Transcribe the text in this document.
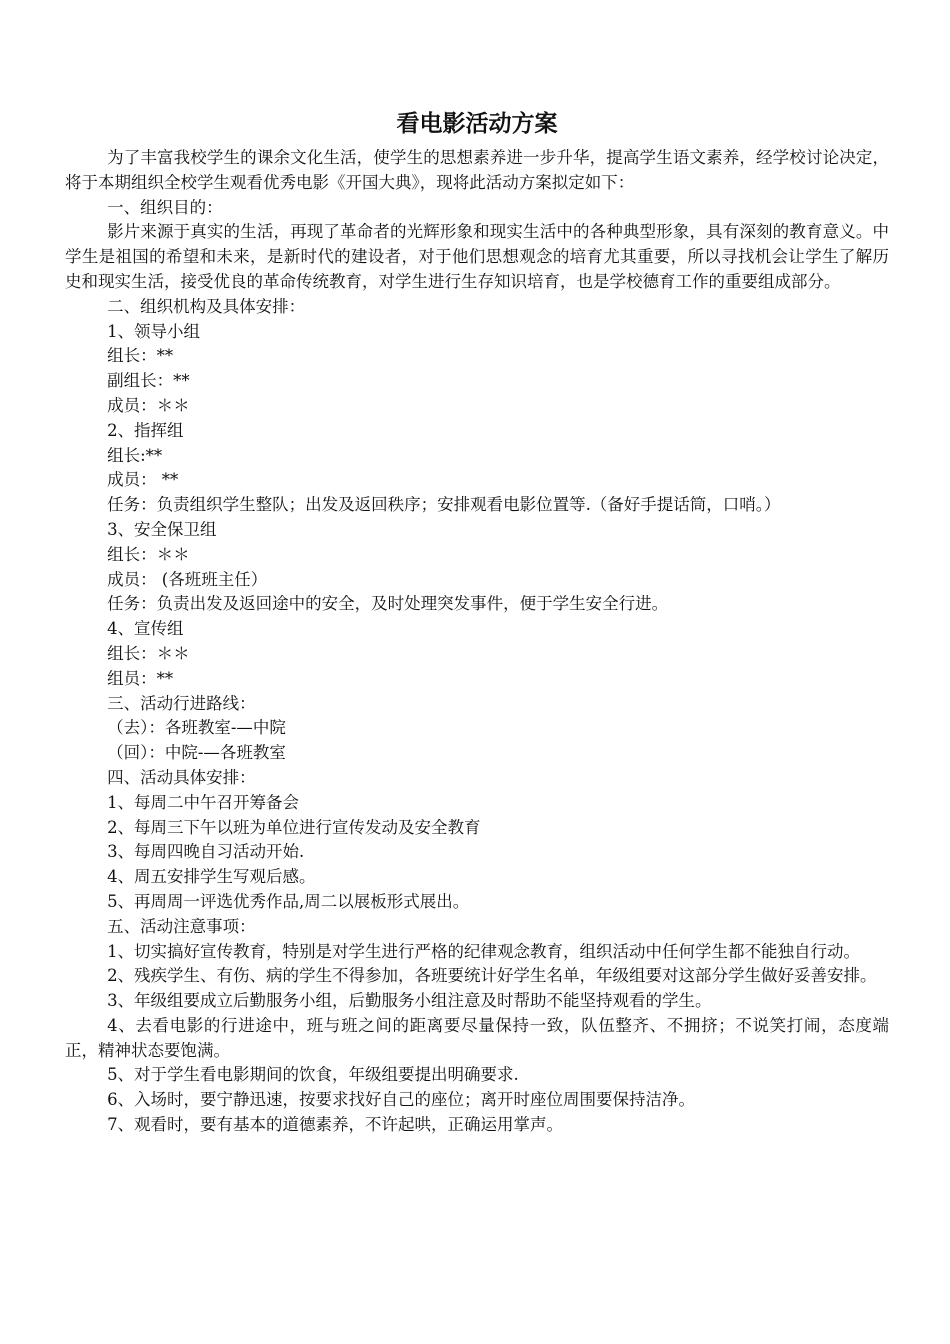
看电影活动方案

为了丰富我校学生的课余文化生活，使学生的思想素养进一步升华，提高学生语文素养，经学校讨论决定，将于本期组织全校学生观看优秀电影《开国大典》，现将此活动方案拟定如下：

一、组织目的：

影片来源于真实的生活，再现了革命者的光辉形象和现实生活中的各种典型形象，具有深刻的教育意义。中学生是祖国的希望和未来，是新时代的建设者，对于他们思想观念的培育尤其重要，所以寻找机会让学生了解历史和现实生活，接受优良的革命传统教育，对学生进行生存知识培育，也是学校德育工作的重要组成部分。

二、组织机构及具体安排：

1、领导小组

组长：**

副组长：**

成员：＊＊

2、指挥组

组长:**

成员： **

任务：负责组织学生整队；出发及返回秩序；安排观看电影位置等.（备好手提话筒，口哨。）

3、安全保卫组

组长：＊＊

成员： (各班班主任）

任务：负责出发及返回途中的安全，及时处理突发事件，便于学生安全行进。

4、宣传组

组长：＊＊

组员：**

三、活动行进路线：

（去）：各班教室-—中院

（回）：中院-—各班教室

四、活动具体安排：

1、每周二中午召开筹备会

2、每周三下午以班为单位进行宣传发动及安全教育

3、每周四晚自习活动开始.

4、周五安排学生写观后感。

5、再周周一评选优秀作品,周二以展板形式展出。

五、活动注意事项：

1、切实搞好宣传教育，特别是对学生进行严格的纪律观念教育，组织活动中任何学生都不能独自行动。

2、残疾学生、有伤、病的学生不得参加，各班要统计好学生名单，年级组要对这部分学生做好妥善安排。

3、年级组要成立后勤服务小组，后勤服务小组注意及时帮助不能坚持观看的学生。

4、去看电影的行进途中，班与班之间的距离要尽量保持一致，队伍整齐、不拥挤；不说笑打闹，态度端正，精神状态要饱满。

5、对于学生看电影期间的饮食，年级组要提出明确要求.

6、入场时，要宁静迅速，按要求找好自己的座位；离开时座位周围要保持洁净。

7、观看时，要有基本的道德素养，不许起哄，正确运用掌声。
